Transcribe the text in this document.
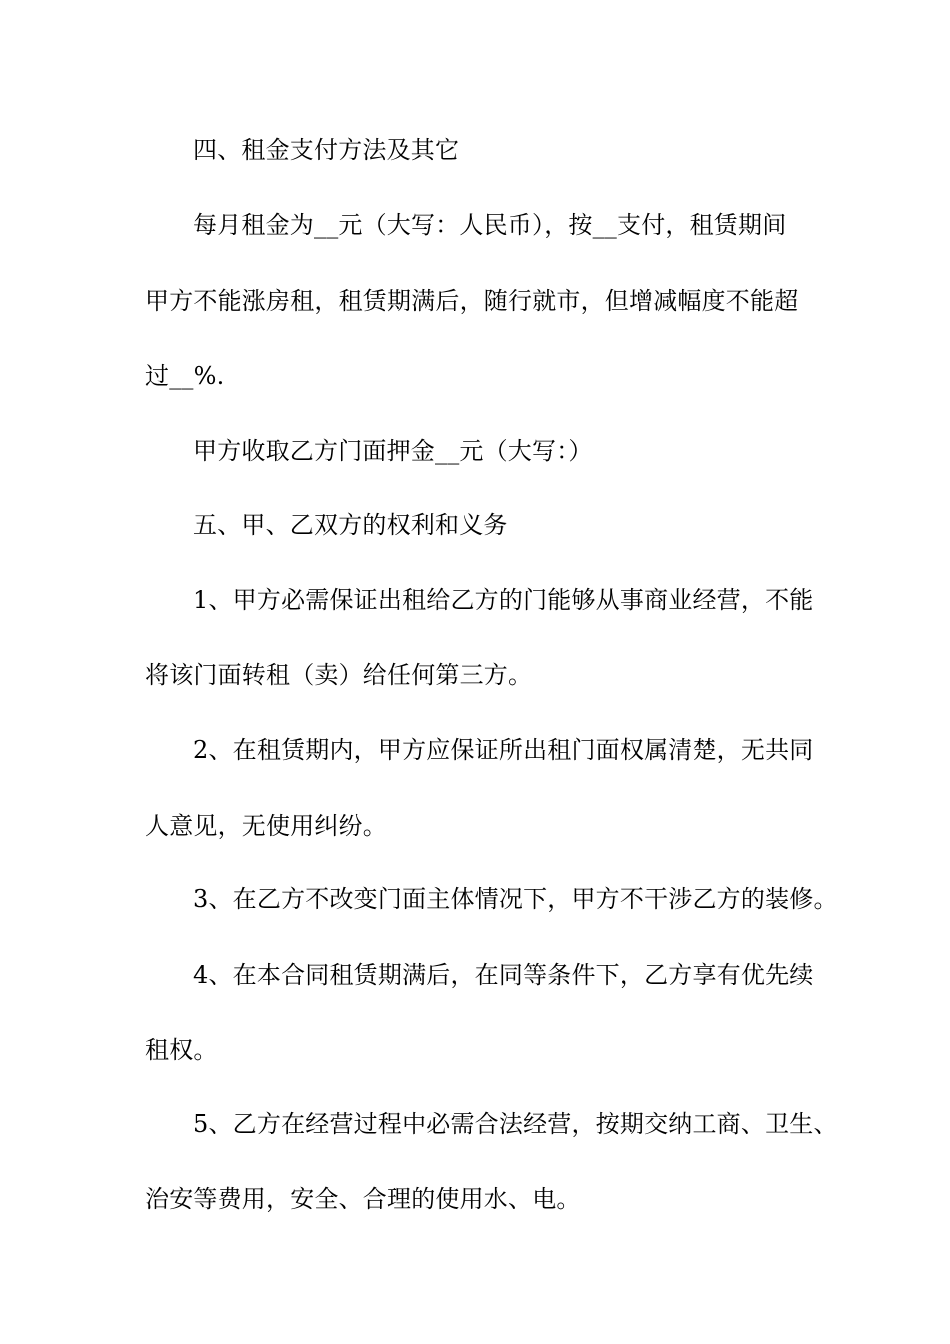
四、租金支付方法及其它
每月租金为__元（大写：人民币），按__支付，租赁期间
甲方不能涨房租，租赁期满后，随行就市，但增减幅度不能超
过__%.
甲方收取乙方门面押金__元（大写：）
五、甲、乙双方的权利和义务
1、甲方必需保证出租给乙方的门能够从事商业经营，不能
将该门面转租（卖）给任何第三方。
2、在租赁期内，甲方应保证所出租门面权属清楚，无共同
人意见，无使用纠纷。
3、在乙方不改变门面主体情况下，甲方不干涉乙方的装修。
4、在本合同租赁期满后，在同等条件下，乙方享有优先续
租权。
5、乙方在经营过程中必需合法经营，按期交纳工商、卫生、
治安等费用，安全、合理的使用水、电。
